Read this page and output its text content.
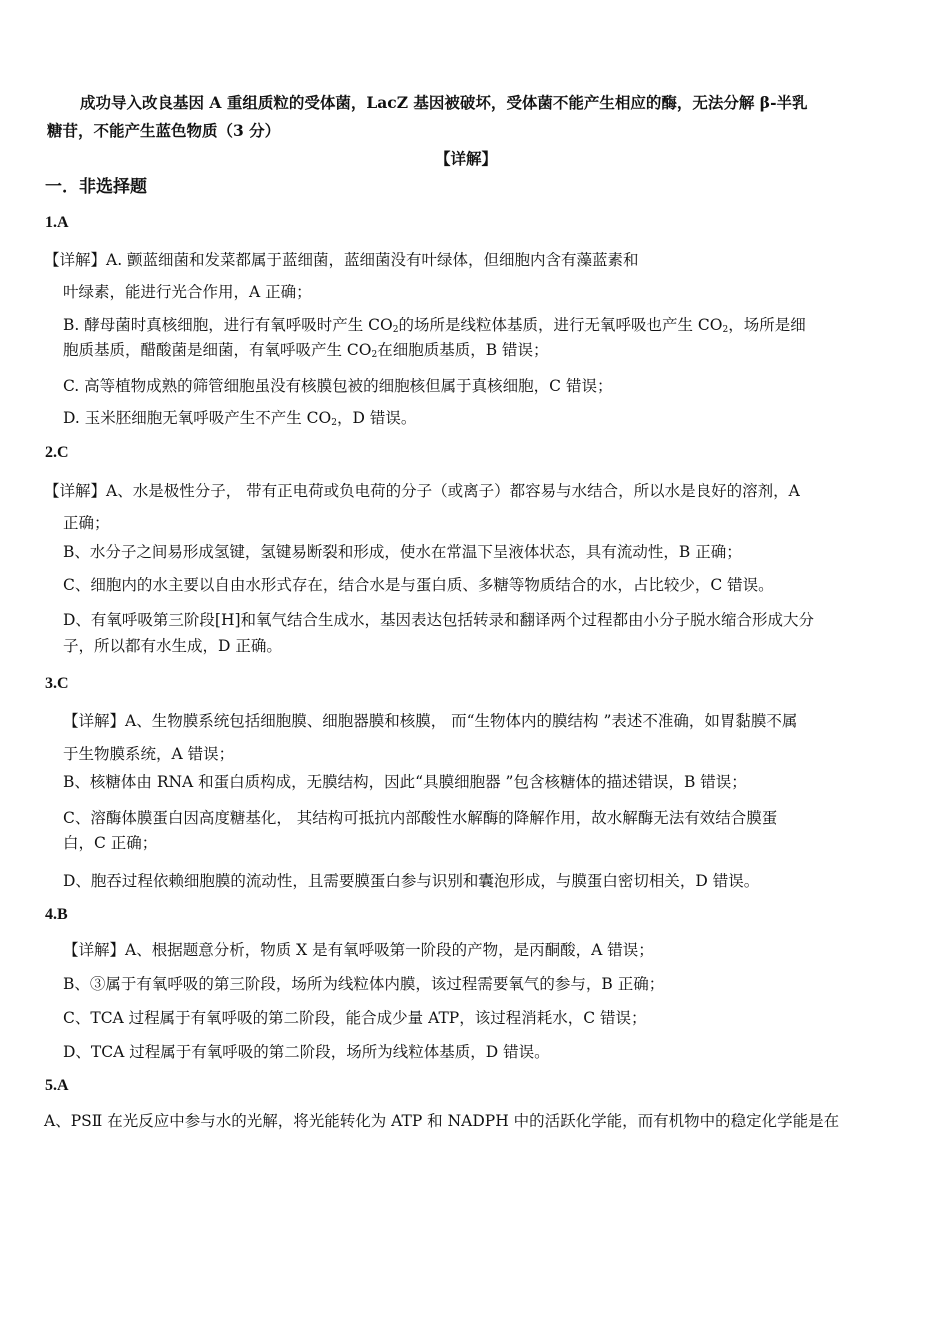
成功导入改良基因 A 重组质粒的受体菌，LacZ 基因被破坏，受体菌不能产生相应的酶，无法分解 β-半乳
糖苷，不能产生蓝色物质（3 分）
【详解】
一．非选择题
1.A
【详解】A. 颤蓝细菌和发菜都属于蓝细菌，蓝细菌没有叶绿体，但细胞内含有藻蓝素和
叶绿素，能进行光合作用，A 正确；
B. 酵母菌时真核细胞，进行有氧呼吸时产生 $CO_2$的场所是线粒体基质，进行无氧呼吸也产生 $CO_2$，场所是细
胞质基质，醋酸菌是细菌，有氧呼吸产生 $CO_2$在细胞质基质，B 错误；
C. 高等植物成熟的筛管细胞虽没有核膜包被的细胞核但属于真核细胞，C 错误；
D. 玉米胚细胞无氧呼吸产生不产生 $CO_2$，D 错误。
2.C
【详解】A、水是极性分子， 带有正电荷或负电荷的分子（或离子）都容易与水结合，所以水是良好的溶剂，A
正确；
B、水分子之间易形成氢键，氢键易断裂和形成，使水在常温下呈液体状态，具有流动性，B 正确；
C、细胞内的水主要以自由水形式存在，结合水是与蛋白质、多糖等物质结合的水，占比较少，C 错误。
D、有氧呼吸第三阶段[H]和氧气结合生成水，基因表达包括转录和翻译两个过程都由小分子脱水缩合形成大分
子，所以都有水生成，D 正确。
3.C
【详解】A、生物膜系统包括细胞膜、细胞器膜和核膜， 而“生物体内的膜结构 ”表述不准确，如胃黏膜不属
于生物膜系统，A 错误；
B、核糖体由 RNA 和蛋白质构成，无膜结构，因此“具膜细胞器 ”包含核糖体的描述错误，B 错误；
C、溶酶体膜蛋白因高度糖基化， 其结构可抵抗内部酸性水解酶的降解作用，故水解酶无法有效结合膜蛋
白，C 正确；
D、胞吞过程依赖细胞膜的流动性，且需要膜蛋白参与识别和囊泡形成，与膜蛋白密切相关，D 错误。
4.B
【详解】A、根据题意分析，物质 X 是有氧呼吸第一阶段的产物，是丙酮酸，A 错误；
B、③属于有氧呼吸的第三阶段，场所为线粒体内膜，该过程需要氧气的参与，B 正确；
C、TCA 过程属于有氧呼吸的第二阶段，能合成少量 ATP，该过程消耗水，C 错误；
D、TCA 过程属于有氧呼吸的第二阶段，场所为线粒体基质，D 错误。
5.A
A、PSⅡ 在光反应中参与水的光解，将光能转化为 ATP 和 NADPH 中的活跃化学能，而有机物中的稳定化学能是在
